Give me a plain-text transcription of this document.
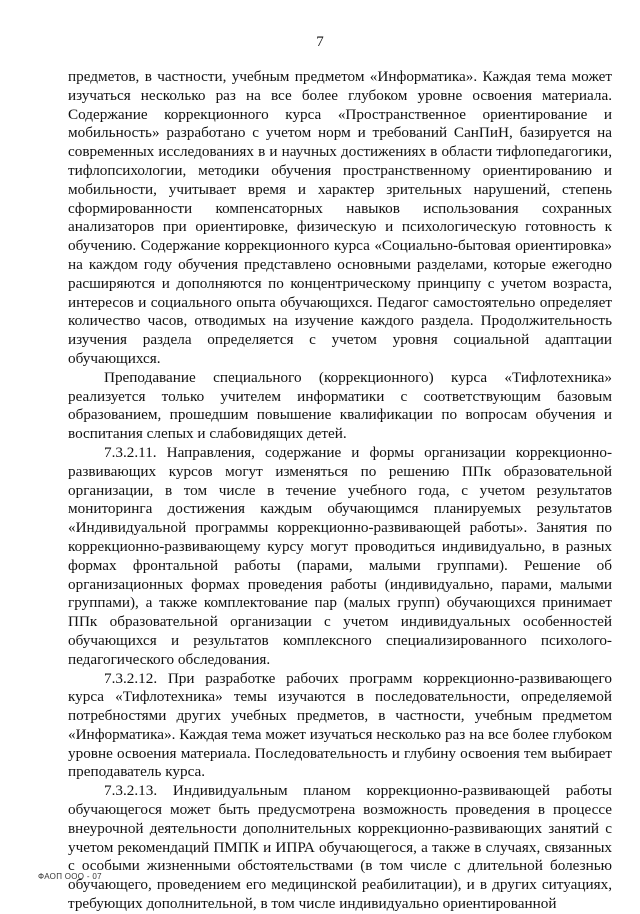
7

предметов, в частности, учебным предметом «Информатика». Каждая тема может изучаться несколько раз на все более глубоком уровне освоения материала. Содержание коррекционного курса «Пространственное ориентирование и мобильность» разработано с учетом норм и требований СанПиН, базируется на современных исследованиях в и научных достижениях в области тифлопедагогики, тифлопсихологии, методики обучения пространственному ориентированию и мобильности, учитывает время и характер зрительных нарушений, степень сформированности компенсаторных навыков использования сохранных анализаторов при ориентировке, физическую и психологическую готовность к обучению. Содержание коррекционного курса «Социально-бытовая ориентировка» на каждом году обучения представлено основными разделами, которые ежегодно расширяются и дополняются по концентрическому принципу с учетом возраста, интересов и социального опыта обучающихся. Педагог самостоятельно определяет количество часов, отводимых на изучение каждого раздела. Продолжительность изучения раздела определяется с учетом уровня социальной адаптации обучающихся.

Преподавание специального (коррекционного) курса «Тифлотехника» реализуется только учителем информатики с соответствующим базовым образованием, прошедшим повышение квалификации по вопросам обучения и воспитания слепых и слабовидящих детей.

7.3.2.11. Направления, содержание и формы организации коррекционно-развивающих курсов могут изменяться по решению ППк образовательной организации, в том числе в течение учебного года, с учетом результатов мониторинга достижения каждым обучающимся планируемых результатов «Индивидуальной программы коррекционно-развивающей работы». Занятия по коррекционно-развивающему курсу могут проводиться индивидуально, в разных формах фронтальной работы (парами, малыми группами). Решение об организационных формах проведения работы (индивидуально, парами, малыми группами), а также комплектование пар (малых групп) обучающихся принимает ППк образовательной организации с учетом индивидуальных особенностей обучающихся и результатов комплексного специализированного психолого-педагогического обследования.

7.3.2.12. При разработке рабочих программ коррекционно-развивающего курса «Тифлотехника» темы изучаются в последовательности, определяемой потребностями других учебных предметов, в частности, учебным предметом «Информатика». Каждая тема может изучаться несколько раз на все более глубоком уровне освоения материала. Последовательность и глубину освоения тем выбирает преподаватель курса.

7.3.2.13. Индивидуальным планом коррекционно-развивающей работы обучающегося может быть предусмотрена возможность проведения в процессе внеурочной деятельности дополнительных коррекционно-развивающих занятий с учетом рекомендаций ПМПК и ИПРА обучающегося, а также в случаях, связанных с особыми жизненными обстоятельствами (в том числе с длительной болезнью обучающего, проведением его медицинской реабилитации), и в других ситуациях, требующих дополнительной, в том числе индивидуально ориентированной

ФАОП ООО - 07
